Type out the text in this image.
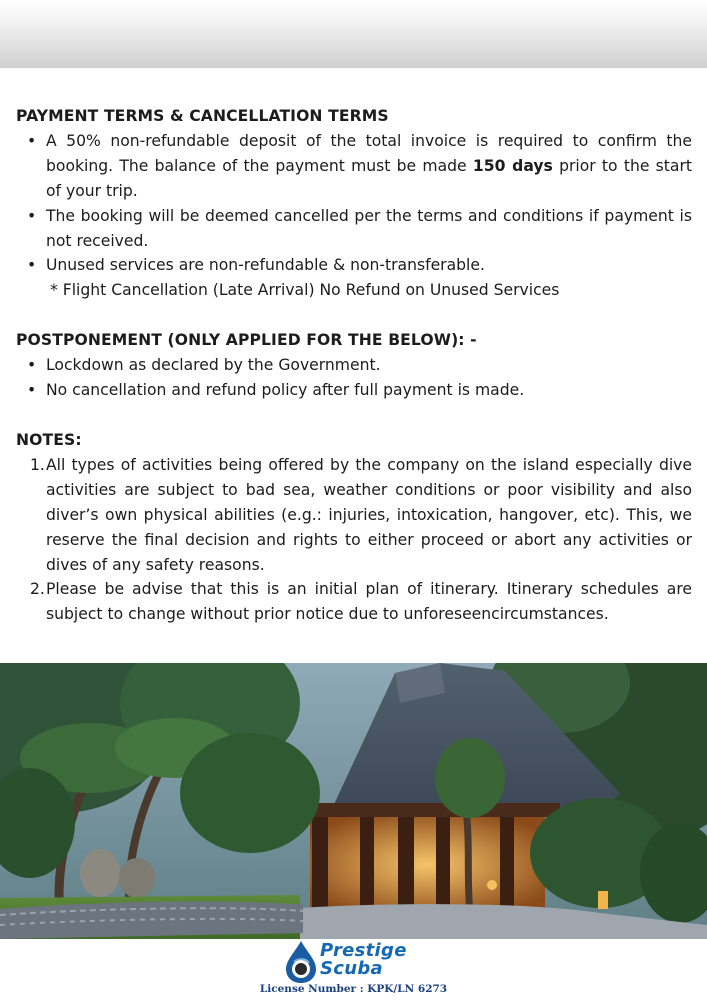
PAYMENT TERMS & CANCELLATION TERMS

• A 50% non-refundable deposit of the total invoice is required to confirm the booking. The balance of the payment must be made 150 days prior to the start of your trip.
• The booking will be deemed cancelled per the terms and conditions if payment is not received.
• Unused services are non-refundable & non-transferable.
* Flight Cancellation (Late Arrival) No Refund on Unused Services

POSTPONEMENT (ONLY APPLIED FOR THE BELOW): -

• Lockdown as declared by the Government.
• No cancellation and refund policy after full payment is made.

NOTES:

1. All types of activities being offered by the company on the island especially dive activities are subject to bad sea, weather conditions or poor visibility and also diver’s own physical abilities (e.g.: injuries, intoxication, hangover, etc). This, we reserve the final decision and rights to either proceed or abort any activities or dives of any safety reasons.
2. Please be advise that this is an initial plan of itinerary. Itinerary schedules are subject to change without prior notice due to unforeseencircumstances.
Prestige
Scuba
License Number : KPK/LN 6273
